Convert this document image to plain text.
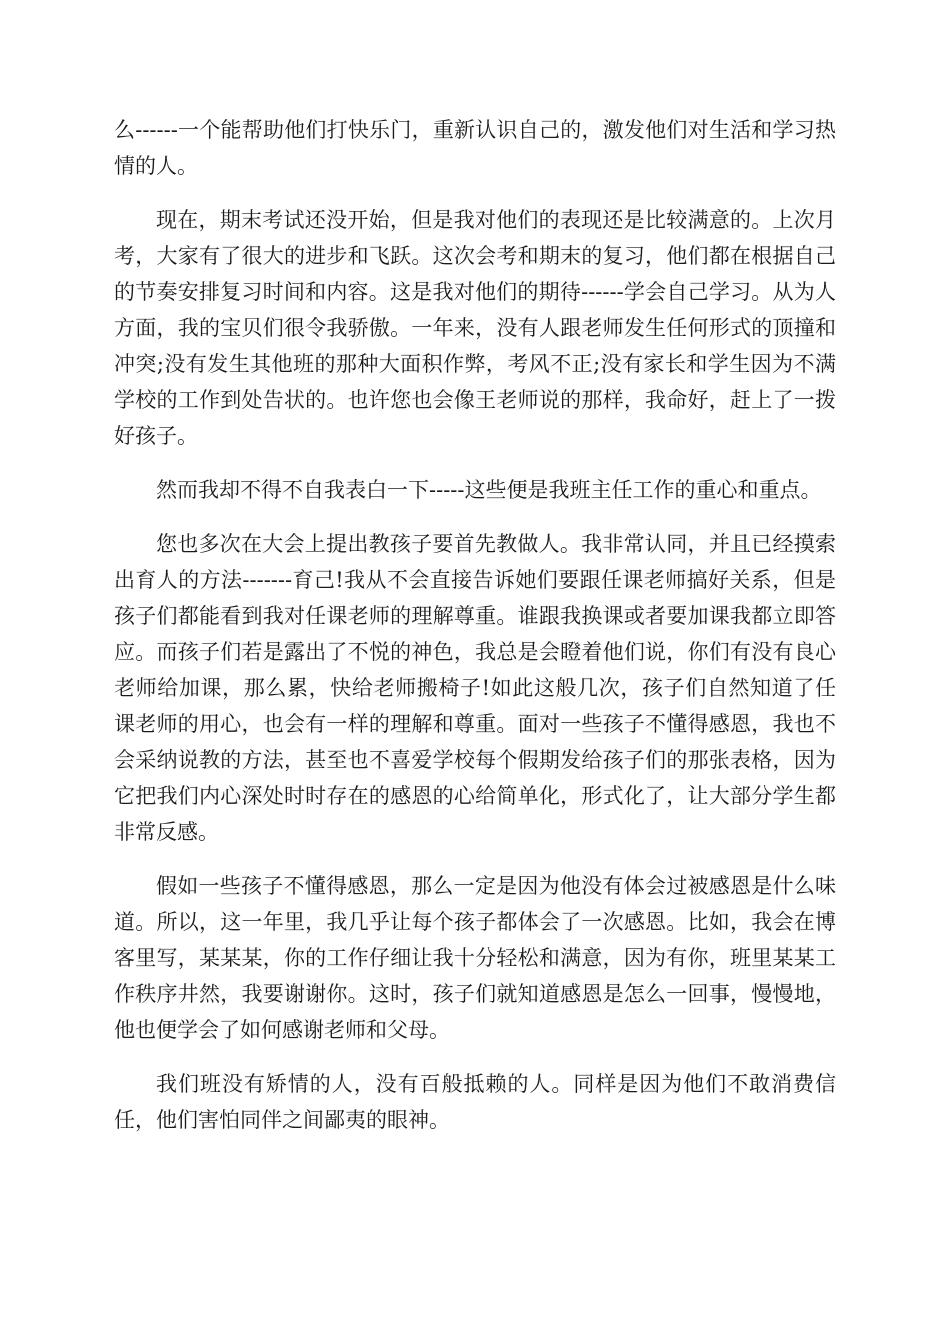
么------一个能帮助他们打快乐门，重新认识自己的，激发他们对生活和学习热情的人。

现在，期末考试还没开始，但是我对他们的表现还是比较满意的。上次月考，大家有了很大的进步和飞跃。这次会考和期末的复习，他们都在根据自己的节奏安排复习时间和内容。这是我对他们的期待------学会自己学习。从为人方面，我的宝贝们很令我骄傲。一年来，没有人跟老师发生任何形式的顶撞和冲突;没有发生其他班的那种大面积作弊，考风不正;没有家长和学生因为不满学校的工作到处告状的。也许您也会像王老师说的那样，我命好，赶上了一拨好孩子。

然而我却不得不自我表白一下-----这些便是我班主任工作的重心和重点。

您也多次在大会上提出教孩子要首先教做人。我非常认同，并且已经摸索出育人的方法-------育己!我从不会直接告诉她们要跟任课老师搞好关系，但是孩子们都能看到我对任课老师的理解尊重。谁跟我换课或者要加课我都立即答应。而孩子们若是露出了不悦的神色，我总是会瞪着他们说，你们有没有良心老师给加课，那么累，快给老师搬椅子!如此这般几次，孩子们自然知道了任课老师的用心，也会有一样的理解和尊重。面对一些孩子不懂得感恩，我也不会采纳说教的方法，甚至也不喜爱学校每个假期发给孩子们的那张表格，因为它把我们内心深处时时存在的感恩的心给简单化，形式化了，让大部分学生都非常反感。

假如一些孩子不懂得感恩，那么一定是因为他没有体会过被感恩是什么味道。所以，这一年里，我几乎让每个孩子都体会了一次感恩。比如，我会在博客里写，某某某，你的工作仔细让我十分轻松和满意，因为有你，班里某某工作秩序井然，我要谢谢你。这时，孩子们就知道感恩是怎么一回事，慢慢地，他也便学会了如何感谢老师和父母。

我们班没有矫情的人，没有百般抵赖的人。同样是因为他们不敢消费信任，他们害怕同伴之间鄙夷的眼神。
